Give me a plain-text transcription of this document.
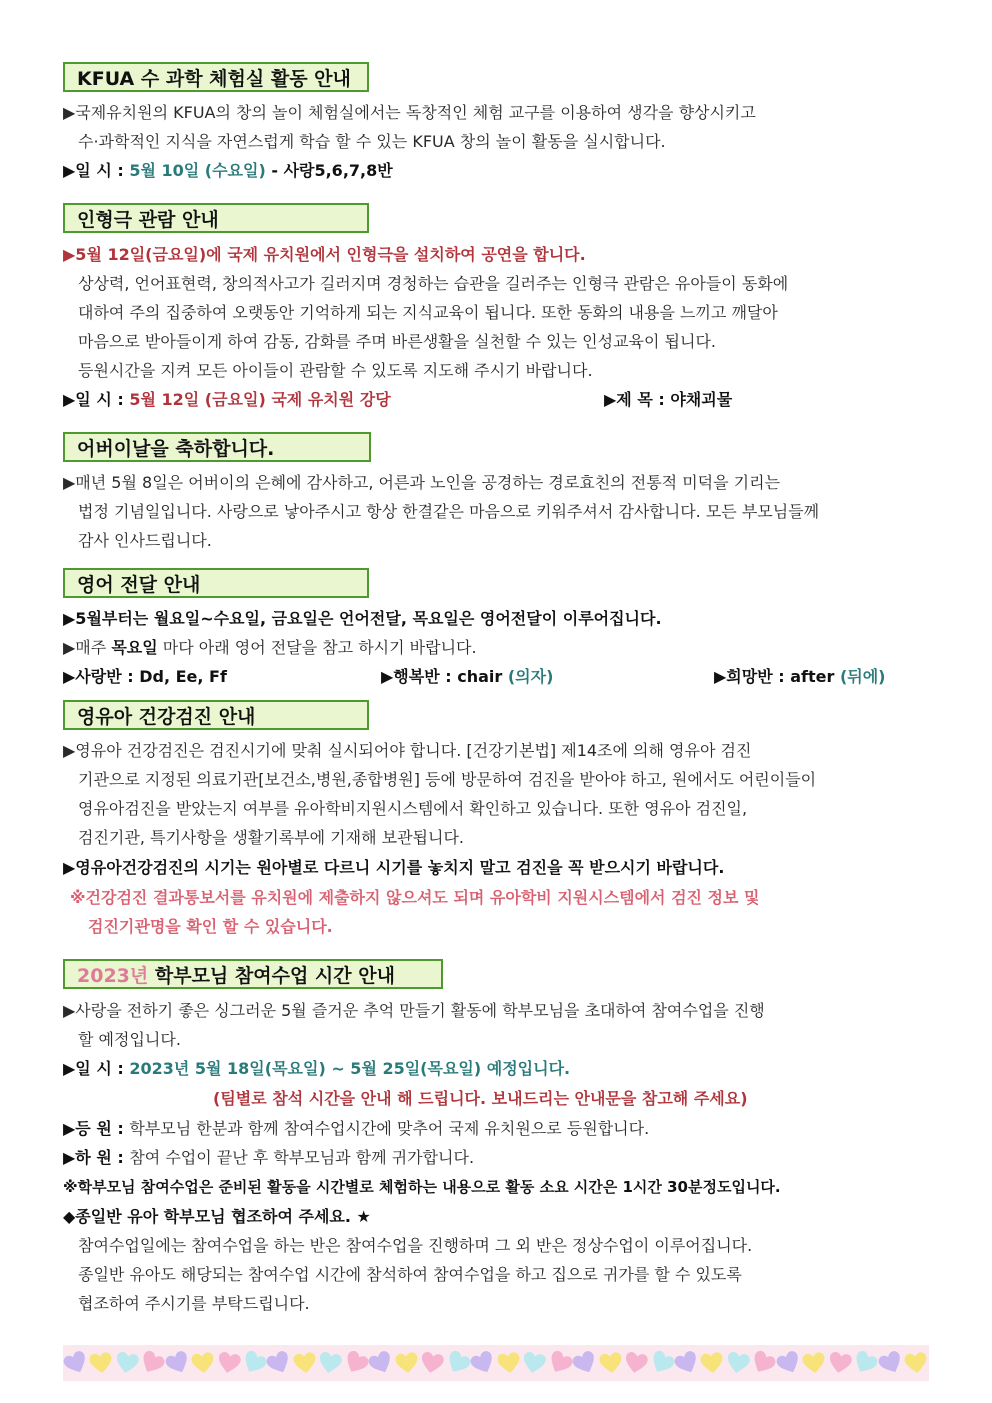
KFUA 수 과학 체험실 활동 안내
▶국제유치원의 KFUA의 창의 놀이 체험실에서는 독창적인 체험 교구를 이용하여 생각을 향상시키고
수·과학적인 지식을 자연스럽게 학습 할 수 있는 KFUA 창의 놀이 활동을 실시합니다.
▶일 시 : 5월 10일 (수요일) - 사랑5,6,7,8반
인형극 관람 안내
▶5월 12일(금요일)에 국제 유치원에서 인형극을 설치하여 공연을 합니다.
상상력, 언어표현력, 창의적사고가 길러지며 경청하는 습관을 길러주는 인형극 관람은 유아들이 동화에
대하여 주의 집중하여 오랫동안 기억하게 되는 지식교육이 됩니다. 또한 동화의 내용을 느끼고 깨달아
마음으로 받아들이게 하여 감동, 감화를 주며 바른생활을 실천할 수 있는 인성교육이 됩니다.
등원시간을 지켜 모든 아이들이 관람할 수 있도록 지도해 주시기 바랍니다.
▶일 시 : 5월 12일 (금요일) 국제 유치원 강당	▶제 목 : 야채괴물
어버이날을 축하합니다.
▶매년 5월 8일은 어버이의 은혜에 감사하고, 어른과 노인을 공경하는 경로효친의 전통적 미덕을 기리는
법정 기념일입니다. 사랑으로 낳아주시고 항상 한결같은 마음으로 키워주셔서 감사합니다. 모든 부모님들께
감사 인사드립니다.
영어 전달 안내
▶5월부터는 월요일~수요일, 금요일은 언어전달, 목요일은 영어전달이 이루어집니다.
▶매주 목요일 마다 아래 영어 전달을 참고 하시기 바랍니다.
▶사랑반 : Dd, Ee, Ff	▶행복반 : chair (의자)	▶희망반 : after (뒤에)
영유아 건강검진 안내
▶영유아 건강검진은 검진시기에 맞춰 실시되어야 합니다. [건강기본법] 제14조에 의해 영유아 검진
기관으로 지정된 의료기관[보건소,병원,종합병원] 등에 방문하여 검진을 받아야 하고, 원에서도 어린이들이
영유아검진을 받았는지 여부를 유아학비지원시스템에서 확인하고 있습니다. 또한 영유아 검진일,
검진기관, 특기사항을 생활기록부에 기재해 보관됩니다.
▶영유아건강검진의 시기는 원아별로 다르니 시기를 놓치지 말고 검진을 꼭 받으시기 바랍니다.
※건강검진 결과통보서를 유치원에 제출하지 않으셔도 되며 유아학비 지원시스템에서 검진 정보 및
검진기관명을 확인 할 수 있습니다.
2023년 학부모님 참여수업 시간 안내
▶사랑을 전하기 좋은 싱그러운 5월 즐거운 추억 만들기 활동에 학부모님을 초대하여 참여수업을 진행
할 예정입니다.
▶일 시 : 2023년 5월 18일(목요일) ~ 5월 25일(목요일) 예정입니다.
(팀별로 참석 시간을 안내 해 드립니다. 보내드리는 안내문을 참고해 주세요)
▶등 원 : 학부모님 한분과 함께 참여수업시간에 맞추어 국제 유치원으로 등원합니다.
▶하 원 : 참여 수업이 끝난 후 학부모님과 함께 귀가합니다.
※학부모님 참여수업은 준비된 활동을 시간별로 체험하는 내용으로 활동 소요 시간은 1시간 30분정도입니다.
◆종일반 유아 학부모님 협조하여 주세요. ★
참여수업일에는 참여수업을 하는 반은 참여수업을 진행하며 그 외 반은 정상수업이 이루어집니다.
종일반 유아도 해당되는 참여수업 시간에 참석하여 참여수업을 하고 집으로 귀가를 할 수 있도록
협조하여 주시기를 부탁드립니다.
